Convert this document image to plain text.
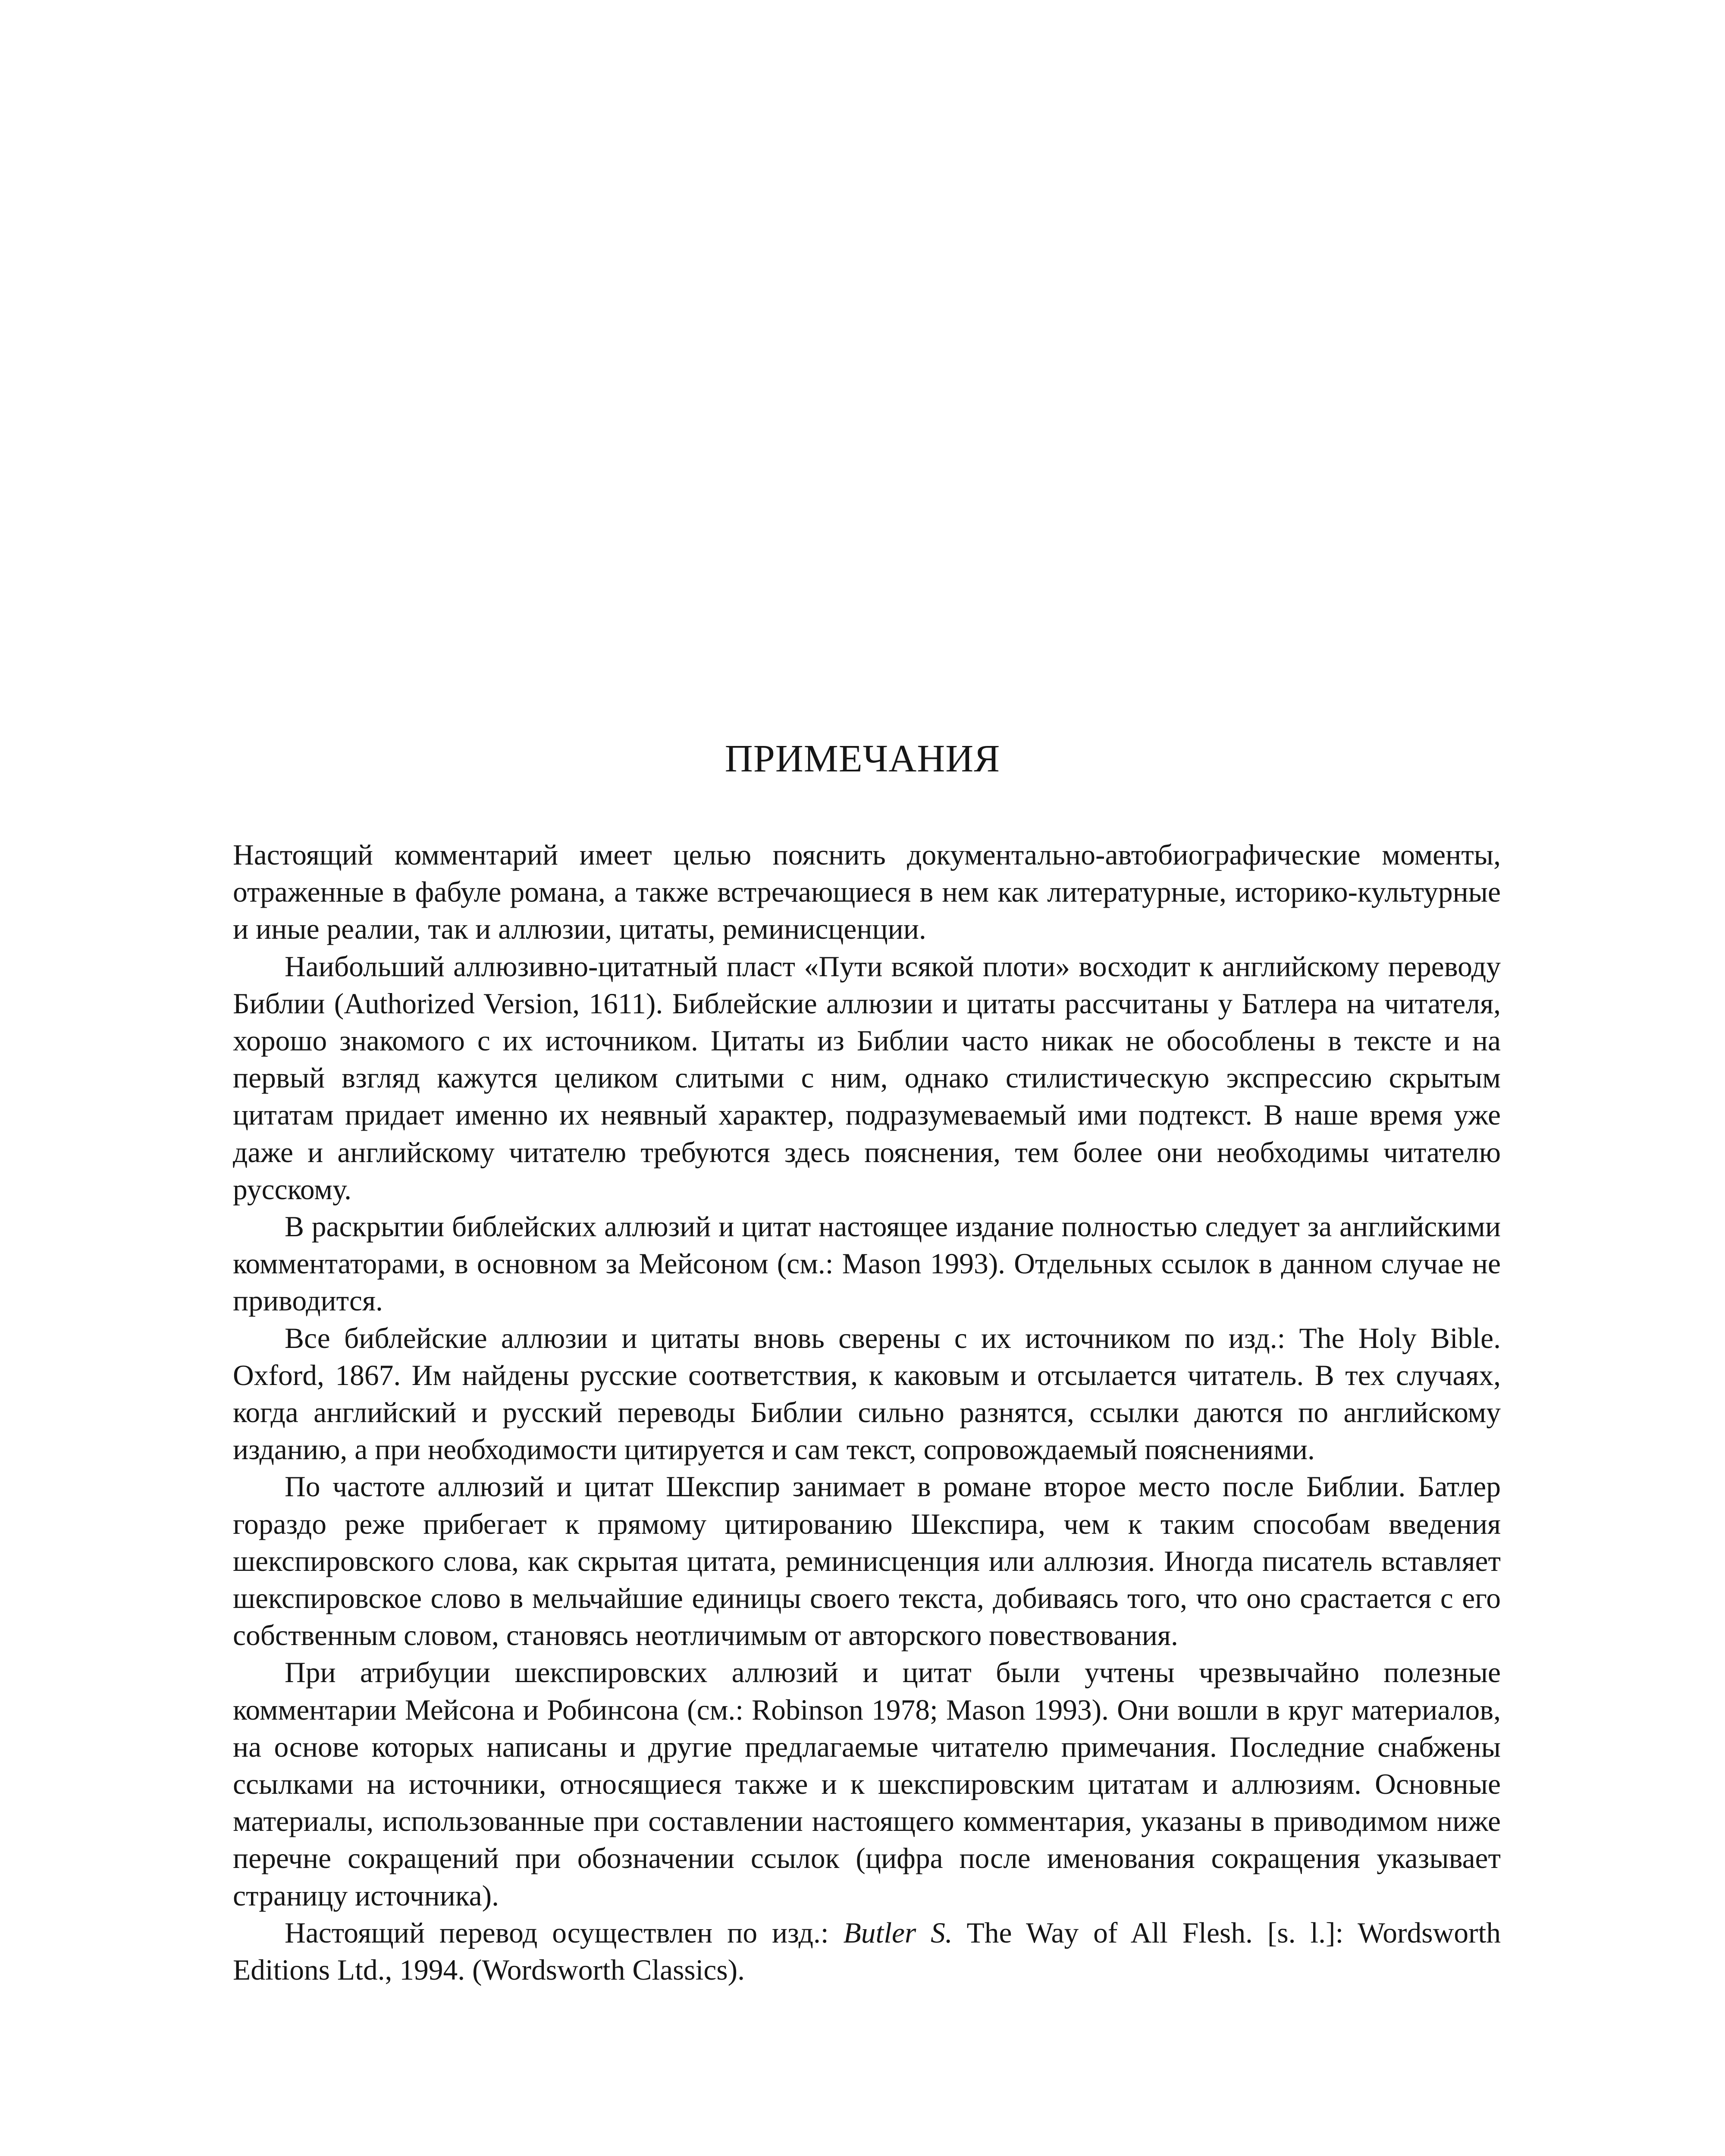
ПРИМЕЧАНИЯ

Настоящий комментарий имеет целью пояснить документально-автобиографические моменты, отраженные в фабуле романа, а также встречающиеся в нем как литературные, историко-культурные и иные реалии, так и аллюзии, цитаты, реминисценции.

Наибольший аллюзивно-цитатный пласт «Пути всякой плоти» восходит к английскому переводу Библии (Authorized Version, 1611). Библейские аллюзии и цитаты рассчитаны у Батлера на читателя, хорошо знакомого с их источником. Цитаты из Библии часто никак не обособлены в тексте и на первый взгляд кажутся целиком слитыми с ним, однако стилистическую экспрессию скрытым цитатам придает именно их неявный характер, подразумеваемый ими подтекст. В наше время уже даже и английскому читателю требуются здесь пояснения, тем более они необходимы читателю русскому.

В раскрытии библейских аллюзий и цитат настоящее издание полностью следует за английскими комментаторами, в основном за Мейсоном (см.: Mason 1993). Отдельных ссылок в данном случае не приводится.

Все библейские аллюзии и цитаты вновь сверены с их источником по изд.: The Holy Bible. Oxford, 1867. Им найдены русские соответствия, к каковым и отсылается читатель. В тех случаях, когда английский и русский переводы Библии сильно разнятся, ссылки даются по английскому изданию, а при необходимости цитируется и сам текст, сопровождаемый пояснениями.

По частоте аллюзий и цитат Шекспир занимает в романе второе место после Библии. Батлер гораздо реже прибегает к прямому цитированию Шекспира, чем к таким способам введения шекспировского слова, как скрытая цитата, реминисценция или аллюзия. Иногда писатель вставляет шекспировское слово в мельчайшие единицы своего текста, добиваясь того, что оно срастается с его собственным словом, становясь неотличимым от авторского повествования.

При атрибуции шекспировских аллюзий и цитат были учтены чрезвычайно полезные комментарии Мейсона и Робинсона (см.: Robinson 1978; Mason 1993). Они вошли в круг материалов, на основе которых написаны и другие предлагаемые читателю примечания. Последние снабжены ссылками на источники, относящиеся также и к шекспировским цитатам и аллюзиям. Основные материалы, использованные при составлении настоящего комментария, указаны в приводимом ниже перечне сокращений при обозначении ссылок (цифра после именования сокращения указывает страницу источника).

Настоящий перевод осуществлен по изд.: Butler S. The Way of All Flesh. [s. l.]: Wordsworth Editions Ltd., 1994. (Wordsworth Classics).
